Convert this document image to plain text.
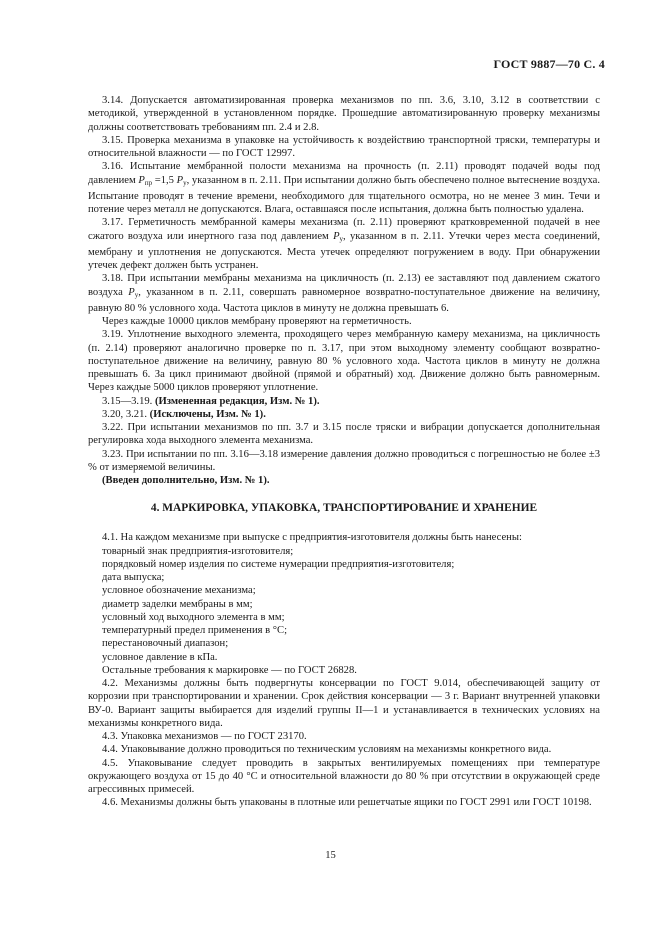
ГОСТ 9887—70 С. 4

3.14. Допускается автоматизированная проверка механизмов по пп. 3.6, 3.10, 3.12 в соответствии с методикой, утвержденной в установленном порядке. Прошедшие автоматизированную проверку механизмы должны соответствовать требованиям пп. 2.4 и 2.8.

3.15. Проверка механизма в упаковке на устойчивость к воздействию транспортной тряски, температуры и относительной влажности — по ГОСТ 12997.

3.16. Испытание мембранной полости механизма на прочность (п. 2.11) проводят подачей воды под давлением $P_{пр} =1,5$ $P_у$, указанном в п. 2.11. При испытании должно быть обеспечено полное вытеснение воздуха. Испытание проводят в течение времени, необходимого для тщательного осмотра, но не менее 3 мин. Течи и потение через металл не допускаются. Влага, оставшаяся после испытания, должна быть полностью удалена.

3.17. Герметичность мембранной камеры механизма (п. 2.11) проверяют кратковременной подачей в нее сжатого воздуха или инертного газа под давлением $P_у$, указанном в п. 2.11. Утечки через места соединений, мембрану и уплотнения не допускаются. Места утечек определяют погружением в воду. При обнаружении утечек дефект должен быть устранен.

3.18. При испытании мембраны механизма на цикличность (п. 2.13) ее заставляют под давлением сжатого воздуха $P_у$, указанном в п. 2.11, совершать равномерное возвратно-поступательное движение на величину, равную 80 % условного хода. Частота циклов в минуту не должна превышать 6.

Через каждые 10000 циклов мембрану проверяют на герметичность.

3.19. Уплотнение выходного элемента, проходящего через мембранную камеру механизма, на цикличность (п. 2.14) проверяют аналогично проверке по п. 3.17, при этом выходному элементу сообщают возвратно-поступательное движение на величину, равную 80 % условного хода. Частота циклов в минуту не должна превышать 6. За цикл принимают двойной (прямой и обратный) ход. Движение должно быть равномерным. Через каждые 5000 циклов проверяют уплотнение.

3.15—3.19. (Измененная редакция, Изм. № 1).

3.20, 3.21. (Исключены, Изм. № 1).

3.22. При испытании механизмов по пп. 3.7 и 3.15 после тряски и вибрации допускается дополнительная регулировка хода выходного элемента механизма.

3.23. При испытании по пп. 3.16—3.18 измерение давления должно проводиться с погрешностью не более ±3 % от измеряемой величины.

(Введен дополнительно, Изм. № 1).

4. МАРКИРОВКА, УПАКОВКА, ТРАНСПОРТИРОВАНИЕ И ХРАНЕНИЕ

4.1. На каждом механизме при выпуске с предприятия-изготовителя должны быть нанесены:

товарный знак предприятия-изготовителя;
порядковый номер изделия по системе нумерации предприятия-изготовителя;
дата выпуска;
условное обозначение механизма;
диаметр заделки мембраны в мм;
условный ход выходного элемента в мм;
температурный предел применения в °С;
перестановочный диапазон;
условное давление в кПа.

Остальные требования к маркировке — по ГОСТ 26828.

4.2. Механизмы должны быть подвергнуты консервации по ГОСТ 9.014, обеспечивающей защиту от коррозии при транспортировании и хранении. Срок действия консервации — 3 г. Вариант внутренней упаковки ВУ-0. Вариант защиты выбирается для изделий группы II—1 и устанавливается в технических условиях на механизмы конкретного вида.

4.3. Упаковка механизмов — по ГОСТ 23170.

4.4. Упаковывание должно проводиться по техническим условиям на механизмы конкретного вида.

4.5. Упаковывание следует проводить в закрытых вентилируемых помещениях при температуре окружающего воздуха от 15 до 40 °С и относительной влажности до 80 % при отсутствии в окружающей среде агрессивных примесей.

4.6. Механизмы должны быть упакованы в плотные или решетчатые ящики по ГОСТ 2991 или ГОСТ 10198.

15
